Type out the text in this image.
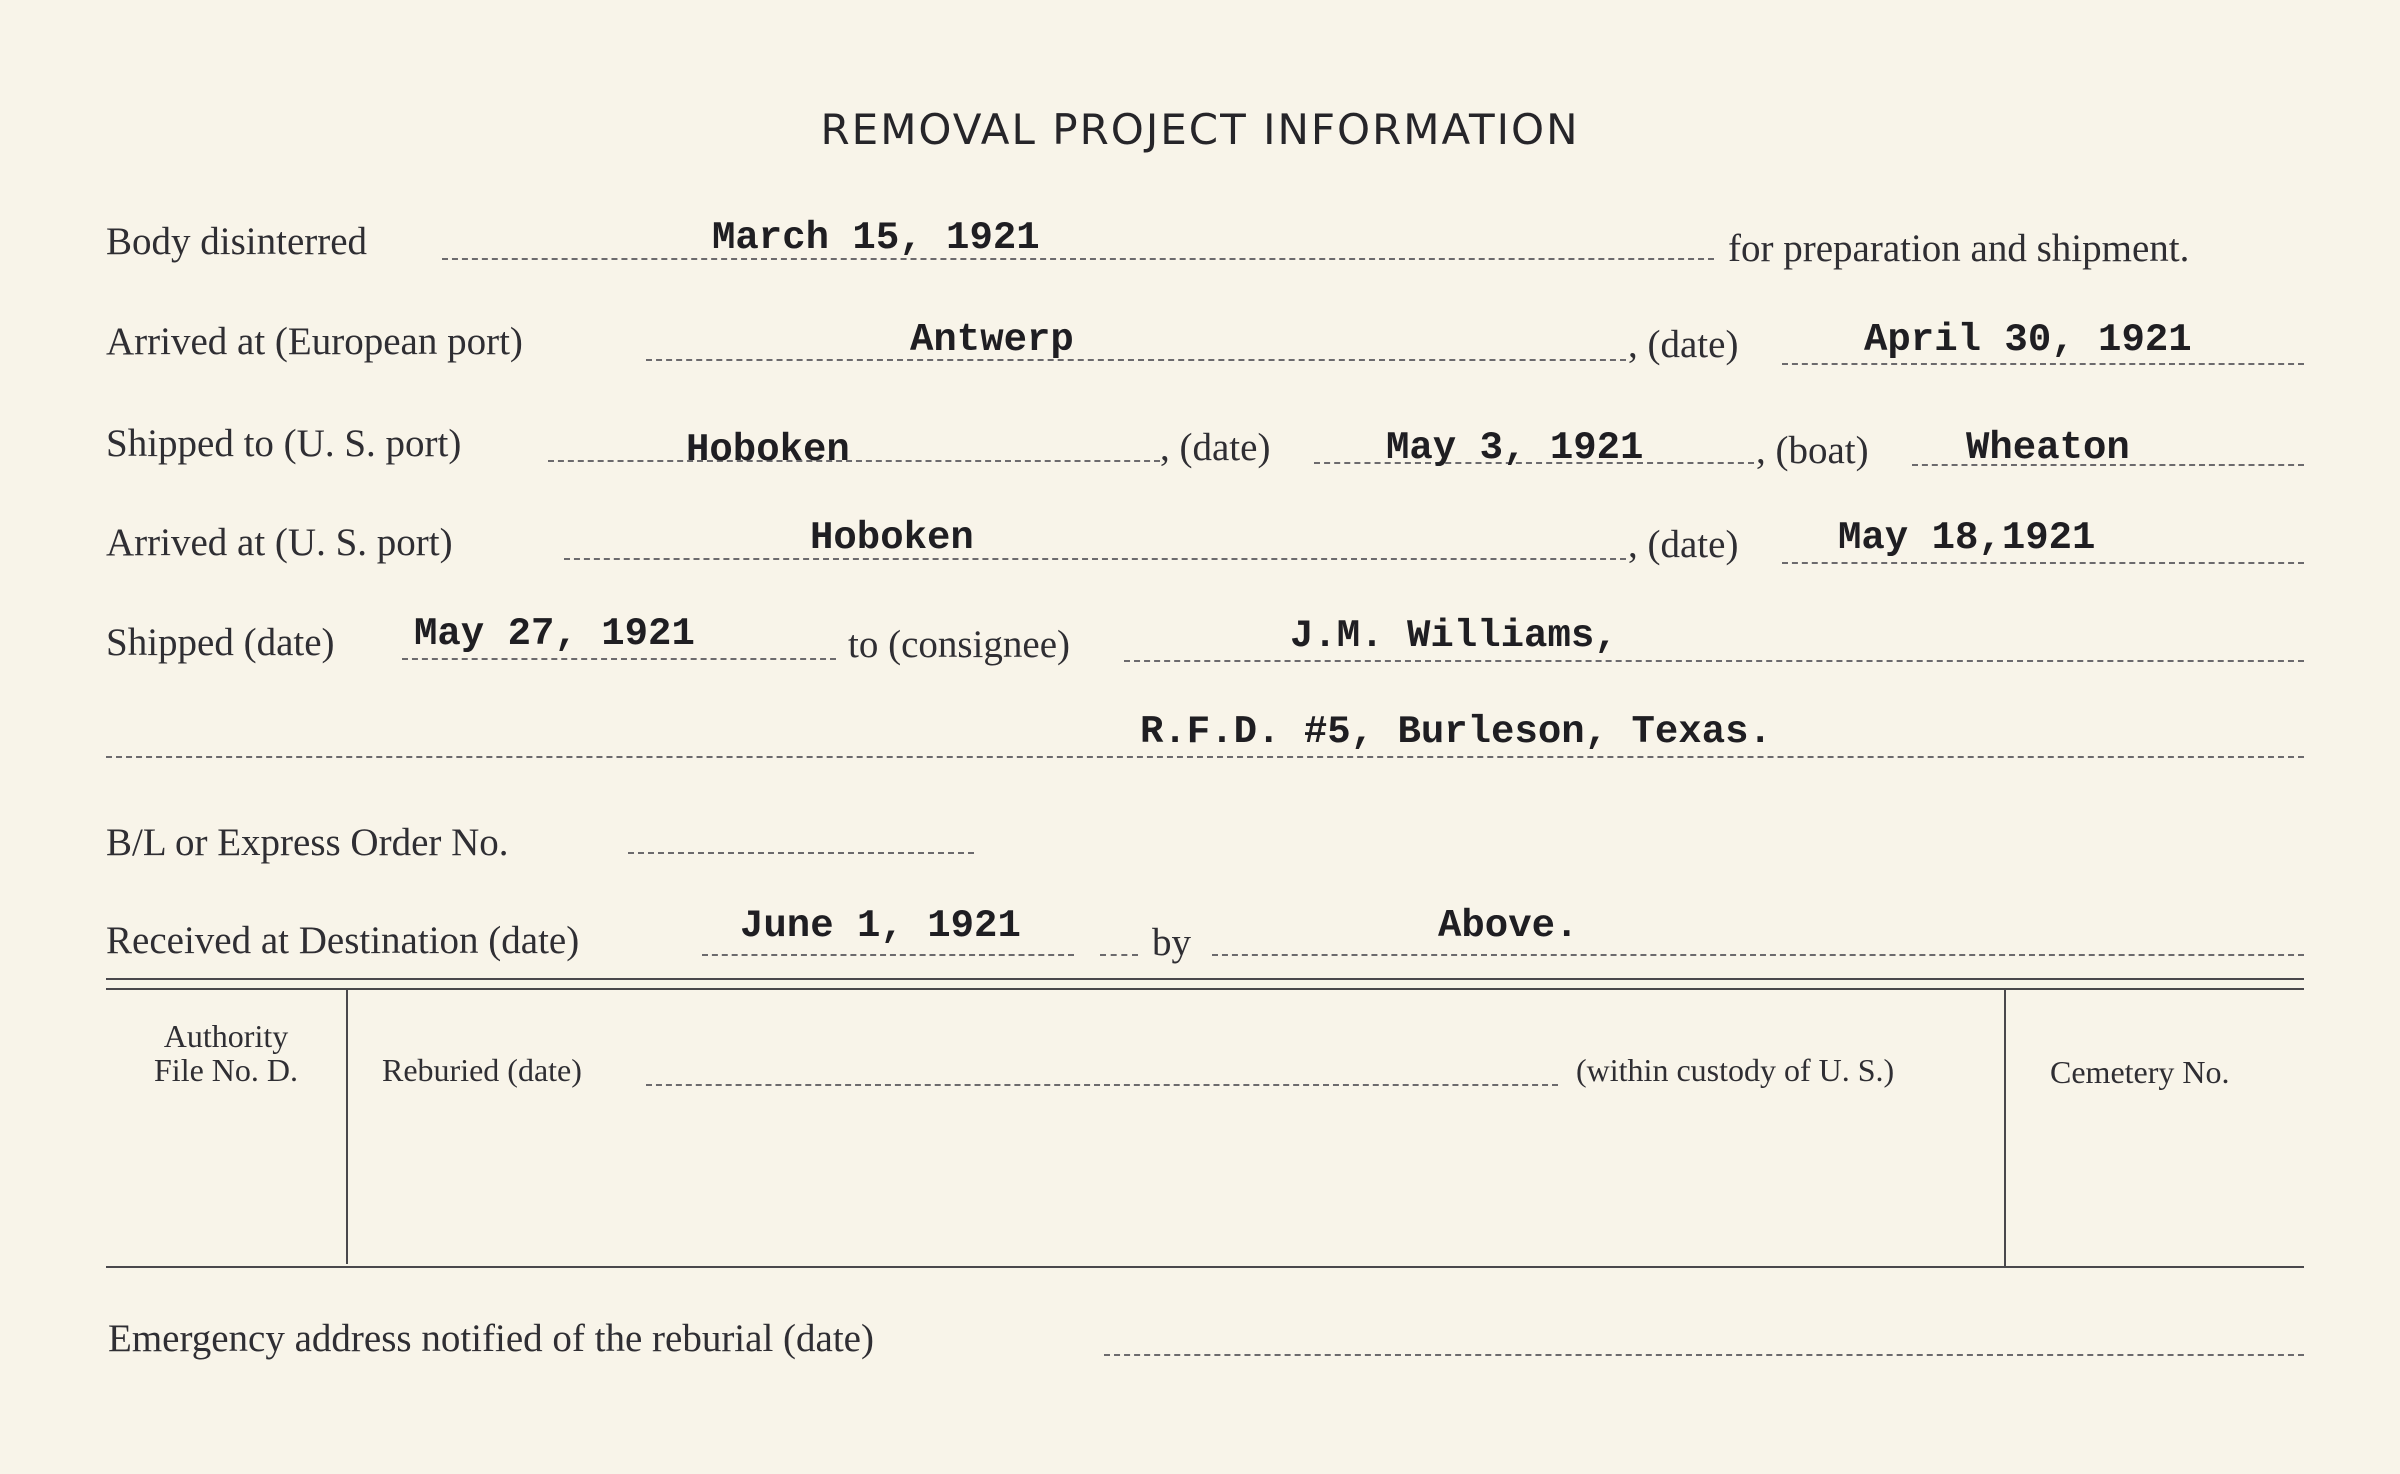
REMOVAL PROJECT INFORMATION
Body disinterred	March 15, 1921	for preparation and shipment.
Arrived at (European port)	Antwerp	, (date)	April 30, 1921
Shipped to (U. S. port)	Hoboken	, (date)	May 3, 1921	, (boat) Wheaton
Arrived at (U. S. port)	Hoboken	, (date)	May 18,1921
Shipped (date) May 27, 1921	to (consignee)	J.M. Williams,
R.F.D. #5, Burleson, Texas.
B/L or Express Order No.
Received at Destination (date)	June 1, 1921	by	Above.
Authority
File No. D.	Reburied (date)	(within custody of U. S.)	Cemetery No.
Emergency address notified of the reburial (date)
